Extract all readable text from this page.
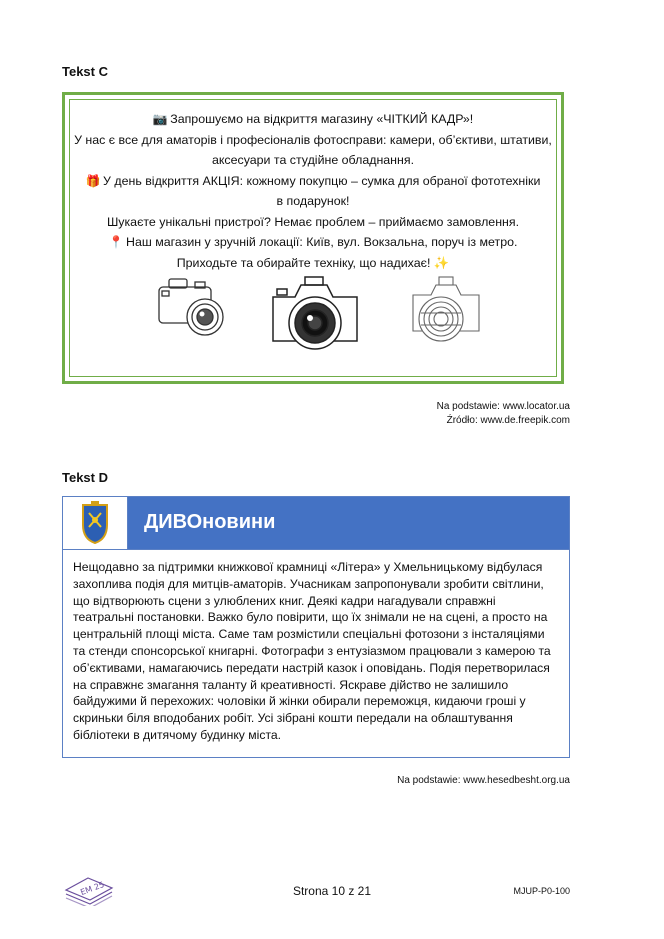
Tekst C
📷 Запрошуємо на відкриття магазину «ЧІТКИЙ КАДР»!
У нас є все для аматорів і професіоналів фотосправи: камери, об’єктиви, штативи,
аксесуари та студійне обладнання.
🎁 У день відкриття АКЦІЯ: кожному покупцю – сумка для обраної фототехніки
в подарунок!
Шукаєте унікальні пристрої? Немає проблем – приймаємо замовлення.
📍 Наш магазин у зручній локації: Київ, вул. Вокзальна, поруч із метро.
Приходьте та обирайте техніку, що надихає! ✨
Na podstawie: www.locator.ua
Źródło: www.de.freepik.com
Tekst D
ДИВОновини
Нещодавно за підтримки книжкової крамниці «Літера» у Хмельницькому відбулася захоплива подія для митців-аматорів. Учасникам запропонували зробити світлини, що відтворюють сцени з улюблених книг. Деякі кадри нагадували справжні театральні постановки. Важко було повірити, що їх знімали не на сцені, а просто на центральній площі міста. Саме там розмістили спеціальні фотозони з інсталяціями та стенди спонсорської книгарні. Фотографи з ентузіазмом працювали з камерою та об’єктивами, намагаючись передати настрій казок і оповідань. Подія перетворилася на справжнє змагання таланту й креативності. Яскраве дійство не залишило байдужими й перехожих: чоловіки й жінки обирали переможця, кидаючи гроші у скриньки біля вподобаних робіт. Усі зібрані кошти передали на облаштування бібліотеки в дитячому будинку міста.
Na podstawie: www.hesedbesht.org.ua
EM 25	Strona 10 z 21	MJUP-P0-100
